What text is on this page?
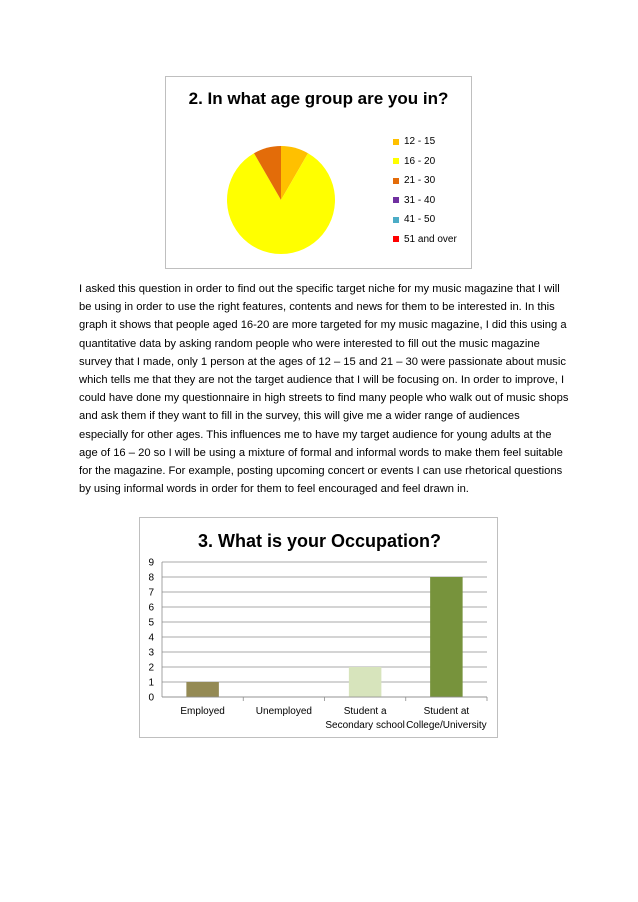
2. In what age group are you in?
12 - 15
16 - 20
21 - 30
31 - 40
41 - 50
51 and over

I asked this question in order to find out the specific target niche for my music magazine that I will be using in order to use the right features, contents and news for them to be interested in. In this graph it shows that people aged 16-20 are more targeted for my music magazine, I did this using a quantitative data by asking random people who were interested to fill out the music magazine survey that I made, only 1 person at the ages of 12 – 15 and 21 – 30 were passionate about music which tells me that they are not the target audience that I will be focusing on. In order to improve, I could have done my questionnaire in high streets to find many people who walk out of music shops and ask them if they want to fill in the survey, this will give me a wider range of audiences especially for other ages. This influences me to have my target audience for young adults at the age of 16 – 20 so I will be using a mixture of formal and informal words to make them feel suitable for the magazine. For example, posting upcoming concert or events I can use rhetorical questions by using informal words in order for them to feel encouraged and feel drawn in.

3. What is your Occupation?
0
1
2
3
4
5
6
7
8
9
Employed	Unemployed	Student a Secondary school
Student at College/University
